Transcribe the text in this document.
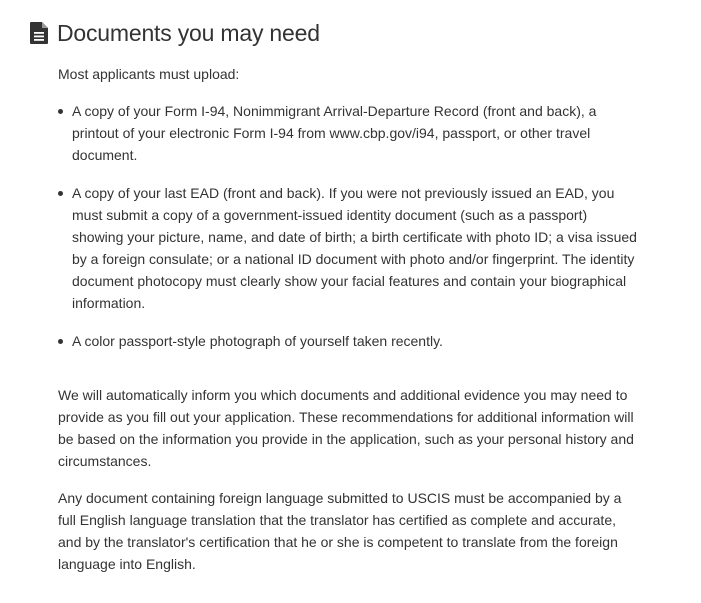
Documents you may need

Most applicants must upload:

A copy of your Form I-94, Nonimmigrant Arrival-Departure Record (front and back), a printout of your electronic Form I-94 from www.cbp.gov/i94, passport, or other travel document.
A copy of your last EAD (front and back). If you were not previously issued an EAD, you must submit a copy of a government-issued identity document (such as a passport) showing your picture, name, and date of birth; a birth certificate with photo ID; a visa issued by a foreign consulate; or a national ID document with photo and/or fingerprint. The identity document photocopy must clearly show your facial features and contain your biographical information.
A color passport-style photograph of yourself taken recently.

We will automatically inform you which documents and additional evidence you may need to provide as you fill out your application. These recommendations for additional information will be based on the information you provide in the application, such as your personal history and circumstances.

Any document containing foreign language submitted to USCIS must be accompanied by a full English language translation that the translator has certified as complete and accurate, and by the translator's certification that he or she is competent to translate from the foreign language into English.
